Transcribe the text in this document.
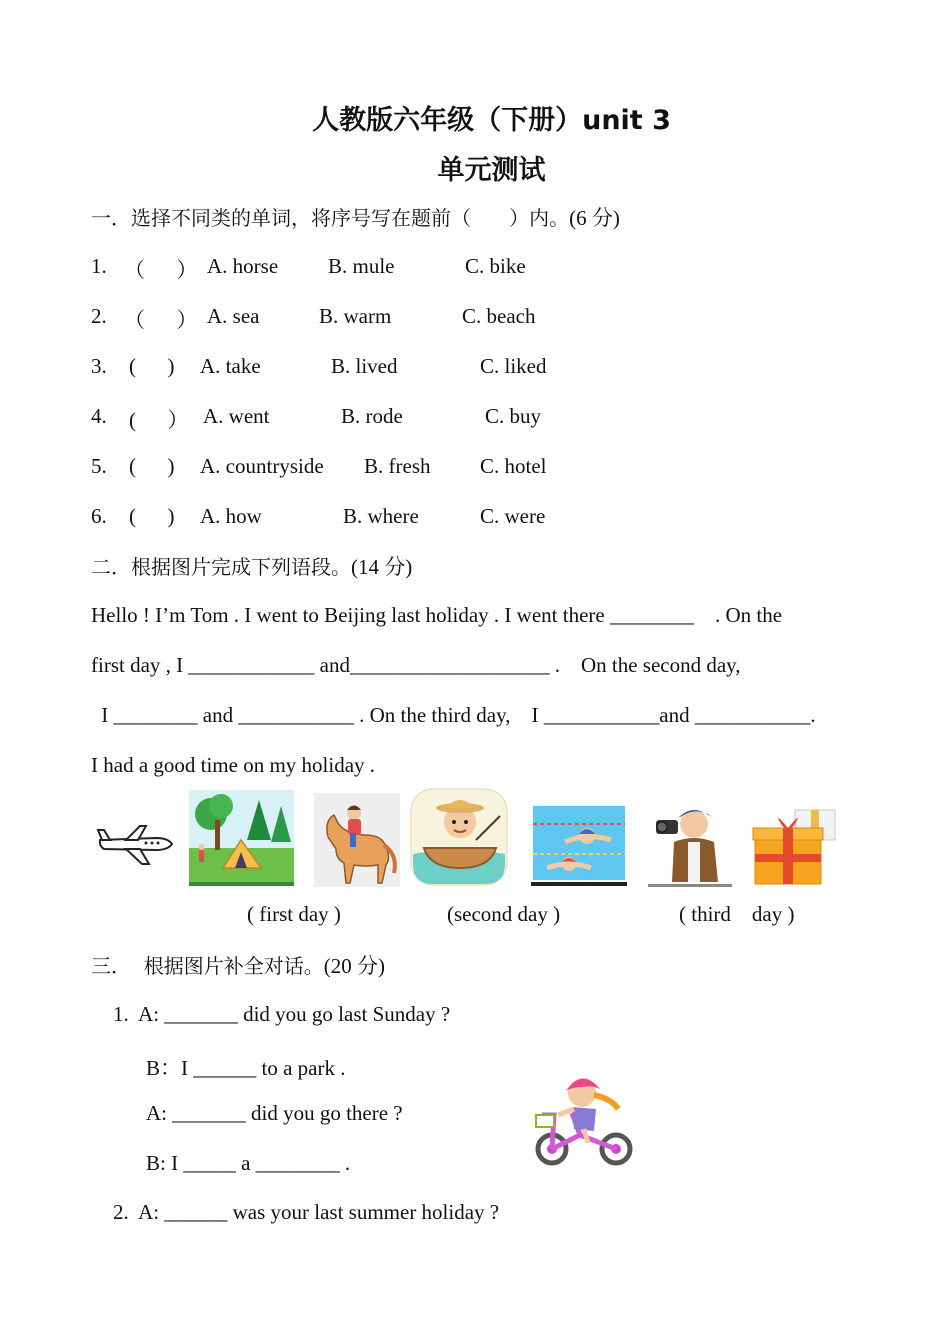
人教版六年级（下册）unit 3
单元测试
一．选择不同类的单词，将序号写在题前（      ）内。(6 分)
1. （      ） A. horse B. mule	C. bike
2. （      ） A. sea	B. warm	C. beach
3. (      ) A. take	B. lived	C. liked
4. (      ） A. went	B. rode	C. buy
5. (      ) A. countryside B. fresh C. hotel
6. (      ) A. how	B. where	C. were
二．根据图片完成下列语段。(14 分)
Hello ! I’m Tom . I went to Beijing last holiday . I went there ________    . On the
first day , I ____________ and___________________ .    On the second day,
I ________ and ___________ . On the third day,    I ___________and ___________.
I had a good time on my holiday .
( first day )	(second day )	( third    day )
三．  根据图片补全对话。(20 分)
1.  A: _______ did you go last Sunday ?
B：I ______ to a park .
A: _______ did you go there ?
B: I _____ a ________ .
2.  A: ______ was your last summer holiday ?
